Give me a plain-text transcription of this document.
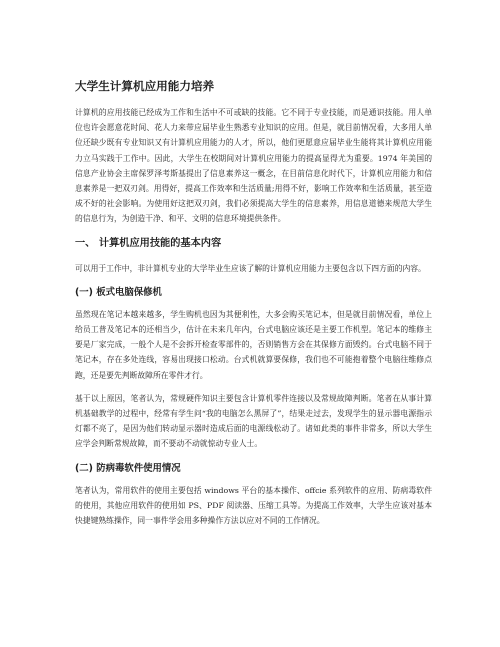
大学生计算机应用能力培养

计算机的应用技能已经成为工作和生活中不可或缺的技能。它不同于专业技能，而是通识技能。用人单位也许会愿意花时间、花人力来带应届毕业生熟悉专业知识的应用。但是，就目前情况看，大多用人单位还缺少既有专业知识又有计算机应用能力的人才，所以，他们更愿意应届毕业生能将其计算机应用能力立马实践于工作中。因此，大学生在校期间对计算机应用能力的提高显得尤为重要。1974 年美国的信息产业协会主席保罗泽考斯基提出了信息素养这一概念，在目前信息化时代下，计算机应用能力和信息素养是一把双刃剑。用得好，提高工作效率和生活质量;用得不好，影响工作效率和生活质量，甚至造成不好的社会影响。为使用好这把双刃剑，我们必须提高大学生的信息素养，用信息道德来规范大学生的信息行为，为创造干净、和平、文明的信息环境提供条件。

一、 计算机应用技能的基本内容

可以用于工作中，非计算机专业的大学毕业生应该了解的计算机应用能力主要包含以下四方面的内容。

(一) 板式电脑保修机

虽然现在笔记本越来越多，学生购机也因为其便利性，大多会购买笔记本，但是就目前情况看，单位上给员工普及笔记本的还相当少，估计在未来几年内，台式电脑应该还是主要工作机型。笔记本的维修主要是厂家完成，一般个人是不会拆开检查零部件的，否则销售方会在其保修方面毁约。台式电脑不同于笔记本，存在多处连线，容易出现接口松动。台式机就算要保修，我们也不可能抱着整个电脑往维修点跑，还是要先判断故障所在零件才行。

基于以上原因，笔者认为，常规硬件知识主要包含计算机零件连接以及常规故障判断。笔者在从事计算机基础教学的过程中，经常有学生问“我的电脑怎么黑屏了”，结果走过去，发现学生的显示器电源指示灯都不亮了，是因为他们转动显示器时造成后面的电源线松动了。诸如此类的事件非常多，所以大学生应学会判断常规故障，而不要动不动就惊动专业人士。

(二) 防病毒软件使用情况

笔者认为，常用软件的使用主要包括 windows 平台的基本操作、offcie 系列软件的应用、防病毒软件的使用，其他应用软件的使用如 PS、PDF 阅读器、压缩工具等。为提高工作效率，大学生应该对基本快捷键熟练操作，同一事件学会用多种操作方法以应对不同的工作情况。
